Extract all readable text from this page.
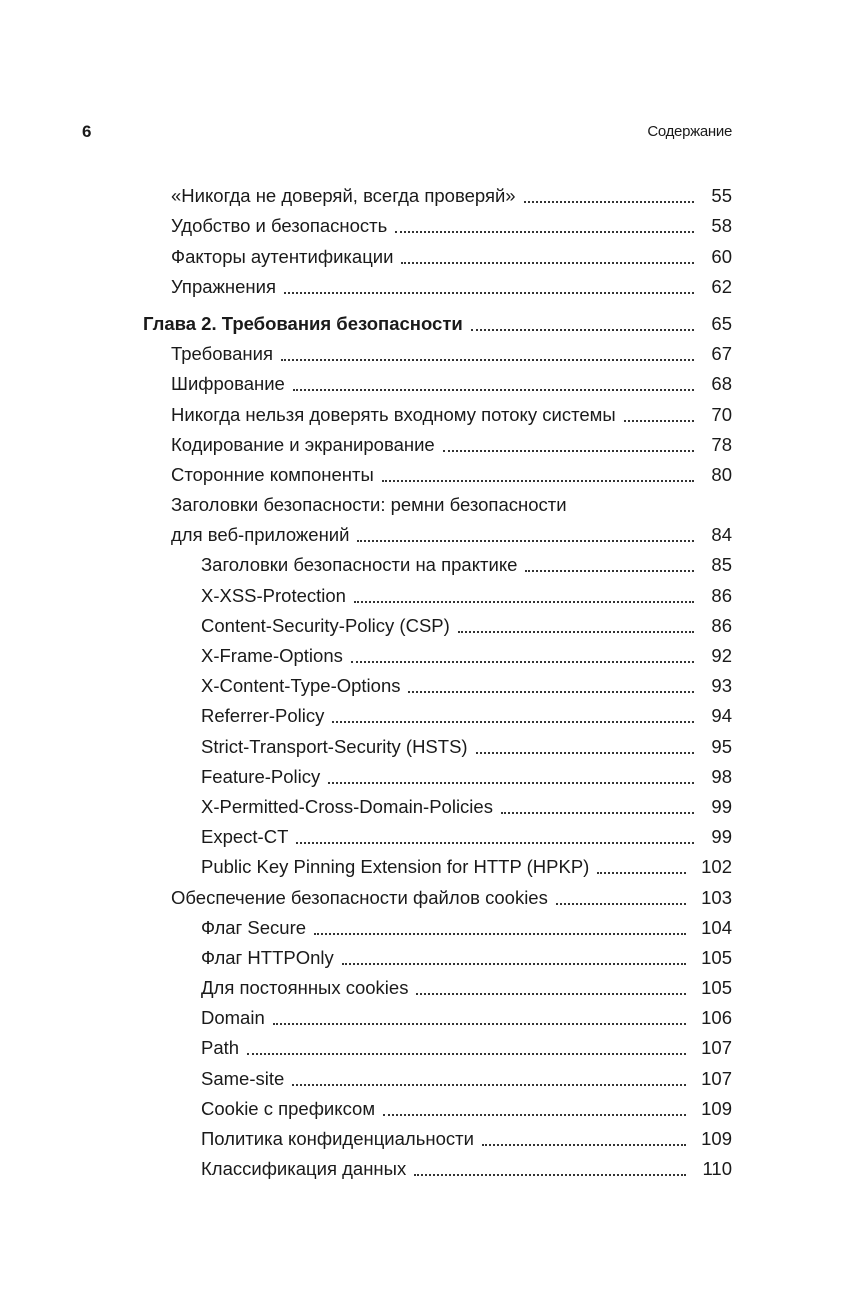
6	Содержание
«Никогда не доверяй, всегда проверяй»	55
Удобство и безопасность	58
Факторы аутентификации	60
Упражнения	62
Глава 2. Требования безопасности	65
Требования	67
Шифрование	68
Никогда нельзя доверять входному потоку системы	70
Кодирование и экранирование	78
Сторонние компоненты	80
Заголовки безопасности: ремни безопасности
для веб-приложений	84
Заголовки безопасности на практике	85
X-XSS-Protection	86
Content-Security-Policy (CSP)	86
X-Frame-Options	92
X-Content-Type-Options	93
Referrer-Policy	94
Strict-Transport-Security (HSTS)	95
Feature-Policy	98
X-Permitted-Cross-Domain-Policies	99
Expect-CT	99
Public Key Pinning Extension for HTTP (HPKP)	102
Обеспечение безопасности файлов cookies	103
Флаг Secure	104
Флаг HTTPOnly	105
Для постоянных cookies	105
Domain	106
Path	107
Same-site	107
Cookie с префиксом	109
Политика конфиденциальности	109
Классификация данных	110
